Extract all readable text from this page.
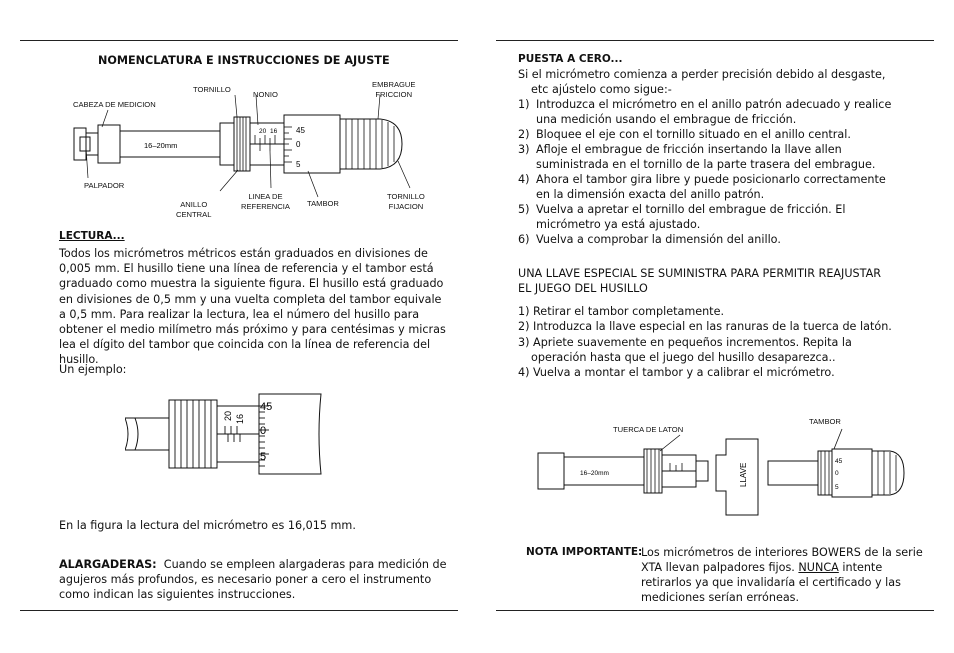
NOMENCLATURA E INSTRUCCIONES DE AJUSTE
16–20mm
20 16 45
0
5
CABEZA DE MEDICION
TORNILLO
NONIO
EMBRAGUE
FRICCION
PALPADOR
ANILLO
CENTRAL
LINEA DE
REFERENCIA TAMBOR
TORNILLO
FIJACION
LECTURA...
Todos los micrómetros métricos están graduados en divisiones de
0,005 mm. El husillo tiene una línea de referencia y el tambor está
graduado como muestra la siguiente figura. El husillo está graduado
en divisiones de 0,5 mm y una vuelta completa del tambor equivale
a 0,5 mm. Para realizar la lectura, lea el número del husillo para
obtener el medio milímetro más próximo y para centésimas y micras
lea el dígito del tambor que coincida con la línea de referencia del
husillo.
Un ejemplo:
45
0
5
20 16
En la figura la lectura del micrómetro es 16,015 mm.
ALARGADERAS: Cuando se empleen alargaderas para medición de
agujeros más profundos, es necesario poner a cero el instrumento
como indican las siguientes instrucciones.
PUESTA A CERO...
Si el micrómetro comienza a perder precisión debido al desgaste,
etc ajústelo como sigue:-
1) Introduzca el micrómetro en el anillo patrón adecuado y realice
una medición usando el embrague de fricción.
2) Bloquee el eje con el tornillo situado en el anillo central.
3) Afloje el embrague de fricción insertando la llave allen
suministrada en el tornillo de la parte trasera del embrague.
4) Ahora el tambor gira libre y puede posicionarlo correctamente
en la dimensión exacta del anillo patrón.
5) Vuelva a apretar el tornillo del embrague de fricción. El
micrómetro ya está ajustado.
6) Vuelva a comprobar la dimensión del anillo.
UNA LLAVE ESPECIAL SE SUMINISTRA PARA PERMITIR REAJUSTAR
EL JUEGO DEL HUSILLO
1) Retirar el tambor completamente.
2) Introduzca la llave especial en las ranuras de la tuerca de latón.
3) Apriete suavemente en pequeños incrementos. Repita la
operación hasta que el juego del husillo desaparezca..
4) Vuelva a montar el tambor y a calibrar el micrómetro.
16–20mm	LLAVE
45
0
5
TUERCA DE LATON
TAMBOR
NOTA IMPORTANTE:
Los micrómetros de interiores BOWERS de la serie
XTA llevan palpadores fijos. NUNCA intente
retirarlos ya que invalidaría el certificado y las
mediciones serían erróneas.
